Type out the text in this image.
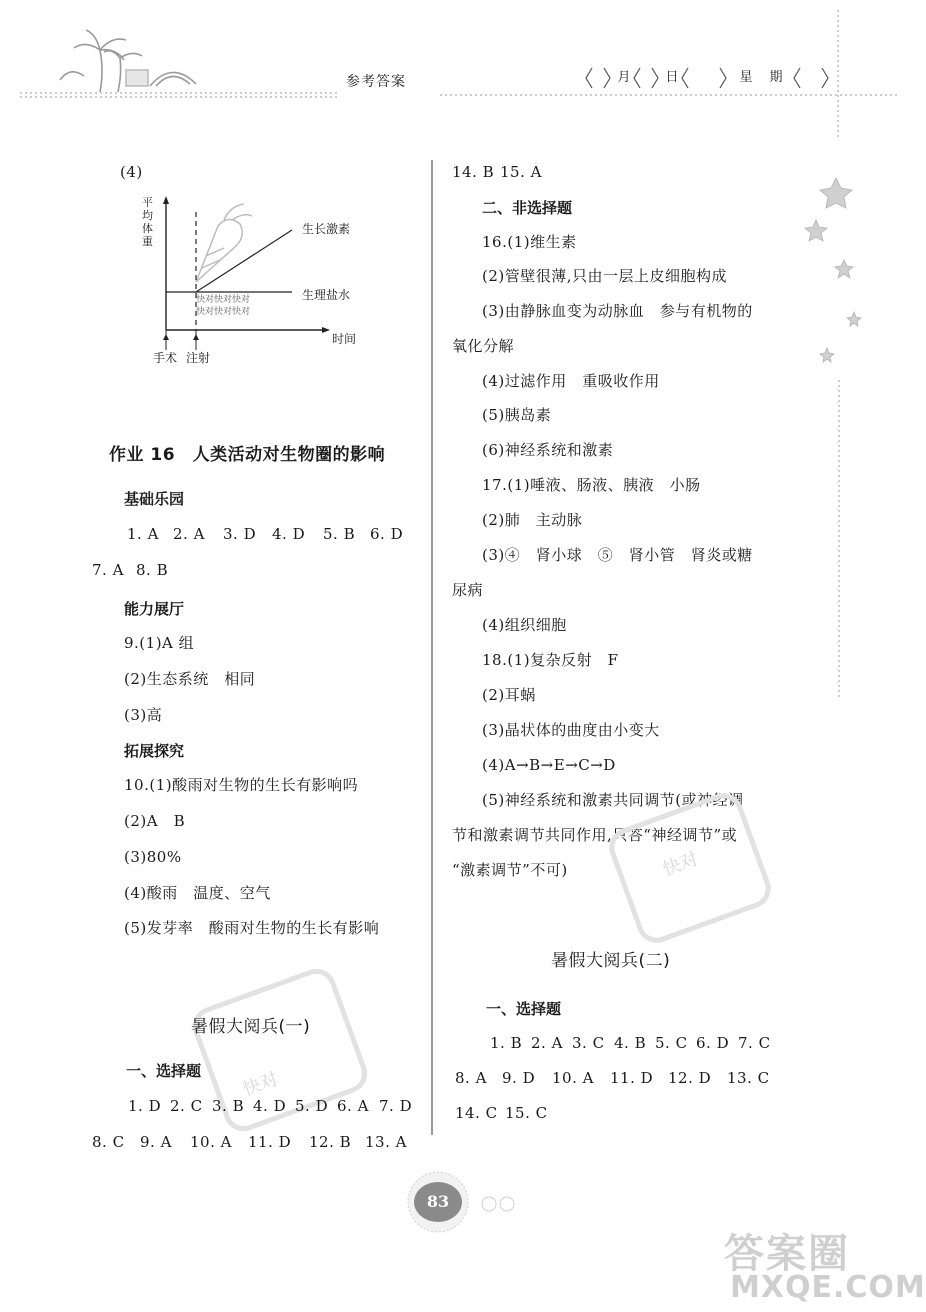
参考答案	月	日	星	期
(4)
平均体重
生长激素
生理盐水
快对快对快对
快对快对快对
时间
手术 注射
作业 16　人类活动对生物圈的影响
基础乐园
1. A 2. A 3. D 4. D 5. B 6. D
7. A 8. B
能力展厅
9.(1)A 组
(2)生态系统　相同
(3)高
拓展探究
10.(1)酸雨对生物的生长有影响吗
(2)A　B
(3)80%
(4)酸雨　温度、空气
(5)发芽率　酸雨对生物的生长有影响
快对
暑假大阅兵(一)
一、选择题
1. D 2. C 3. B 4. D 5. D 6. A 7. D
8. C 9. A 10. A 11. D 12. B 13. A
14. B 15. A
二、非选择题
16.(1)维生素
(2)管壁很薄,只由一层上皮细胞构成
(3)由静脉血变为动脉血　参与有机物的
氧化分解
(4)过滤作用　重吸收作用
(5)胰岛素
(6)神经系统和激素
17.(1)唾液、肠液、胰液　小肠
(2)肺　主动脉
(3)④　肾小球　⑤　肾小管　肾炎或糖
尿病
(4)组织细胞
18.(1)复杂反射　F
(2)耳蜗
(3)晶状体的曲度由小变大
(4)A→B→E→C→D
(5)神经系统和激素共同调节(或神经调
节和激素调节共同作用,只答“神经调节”或
“激素调节”不可)	快对
暑假大阅兵(二)
一、选择题
1. B 2. A 3. C 4. B 5. C 6. D 7. C
8. A 9. D 10. A 11. D 12. D 13. C
14. C 15. C
83
答案圈
MXQE.COM
